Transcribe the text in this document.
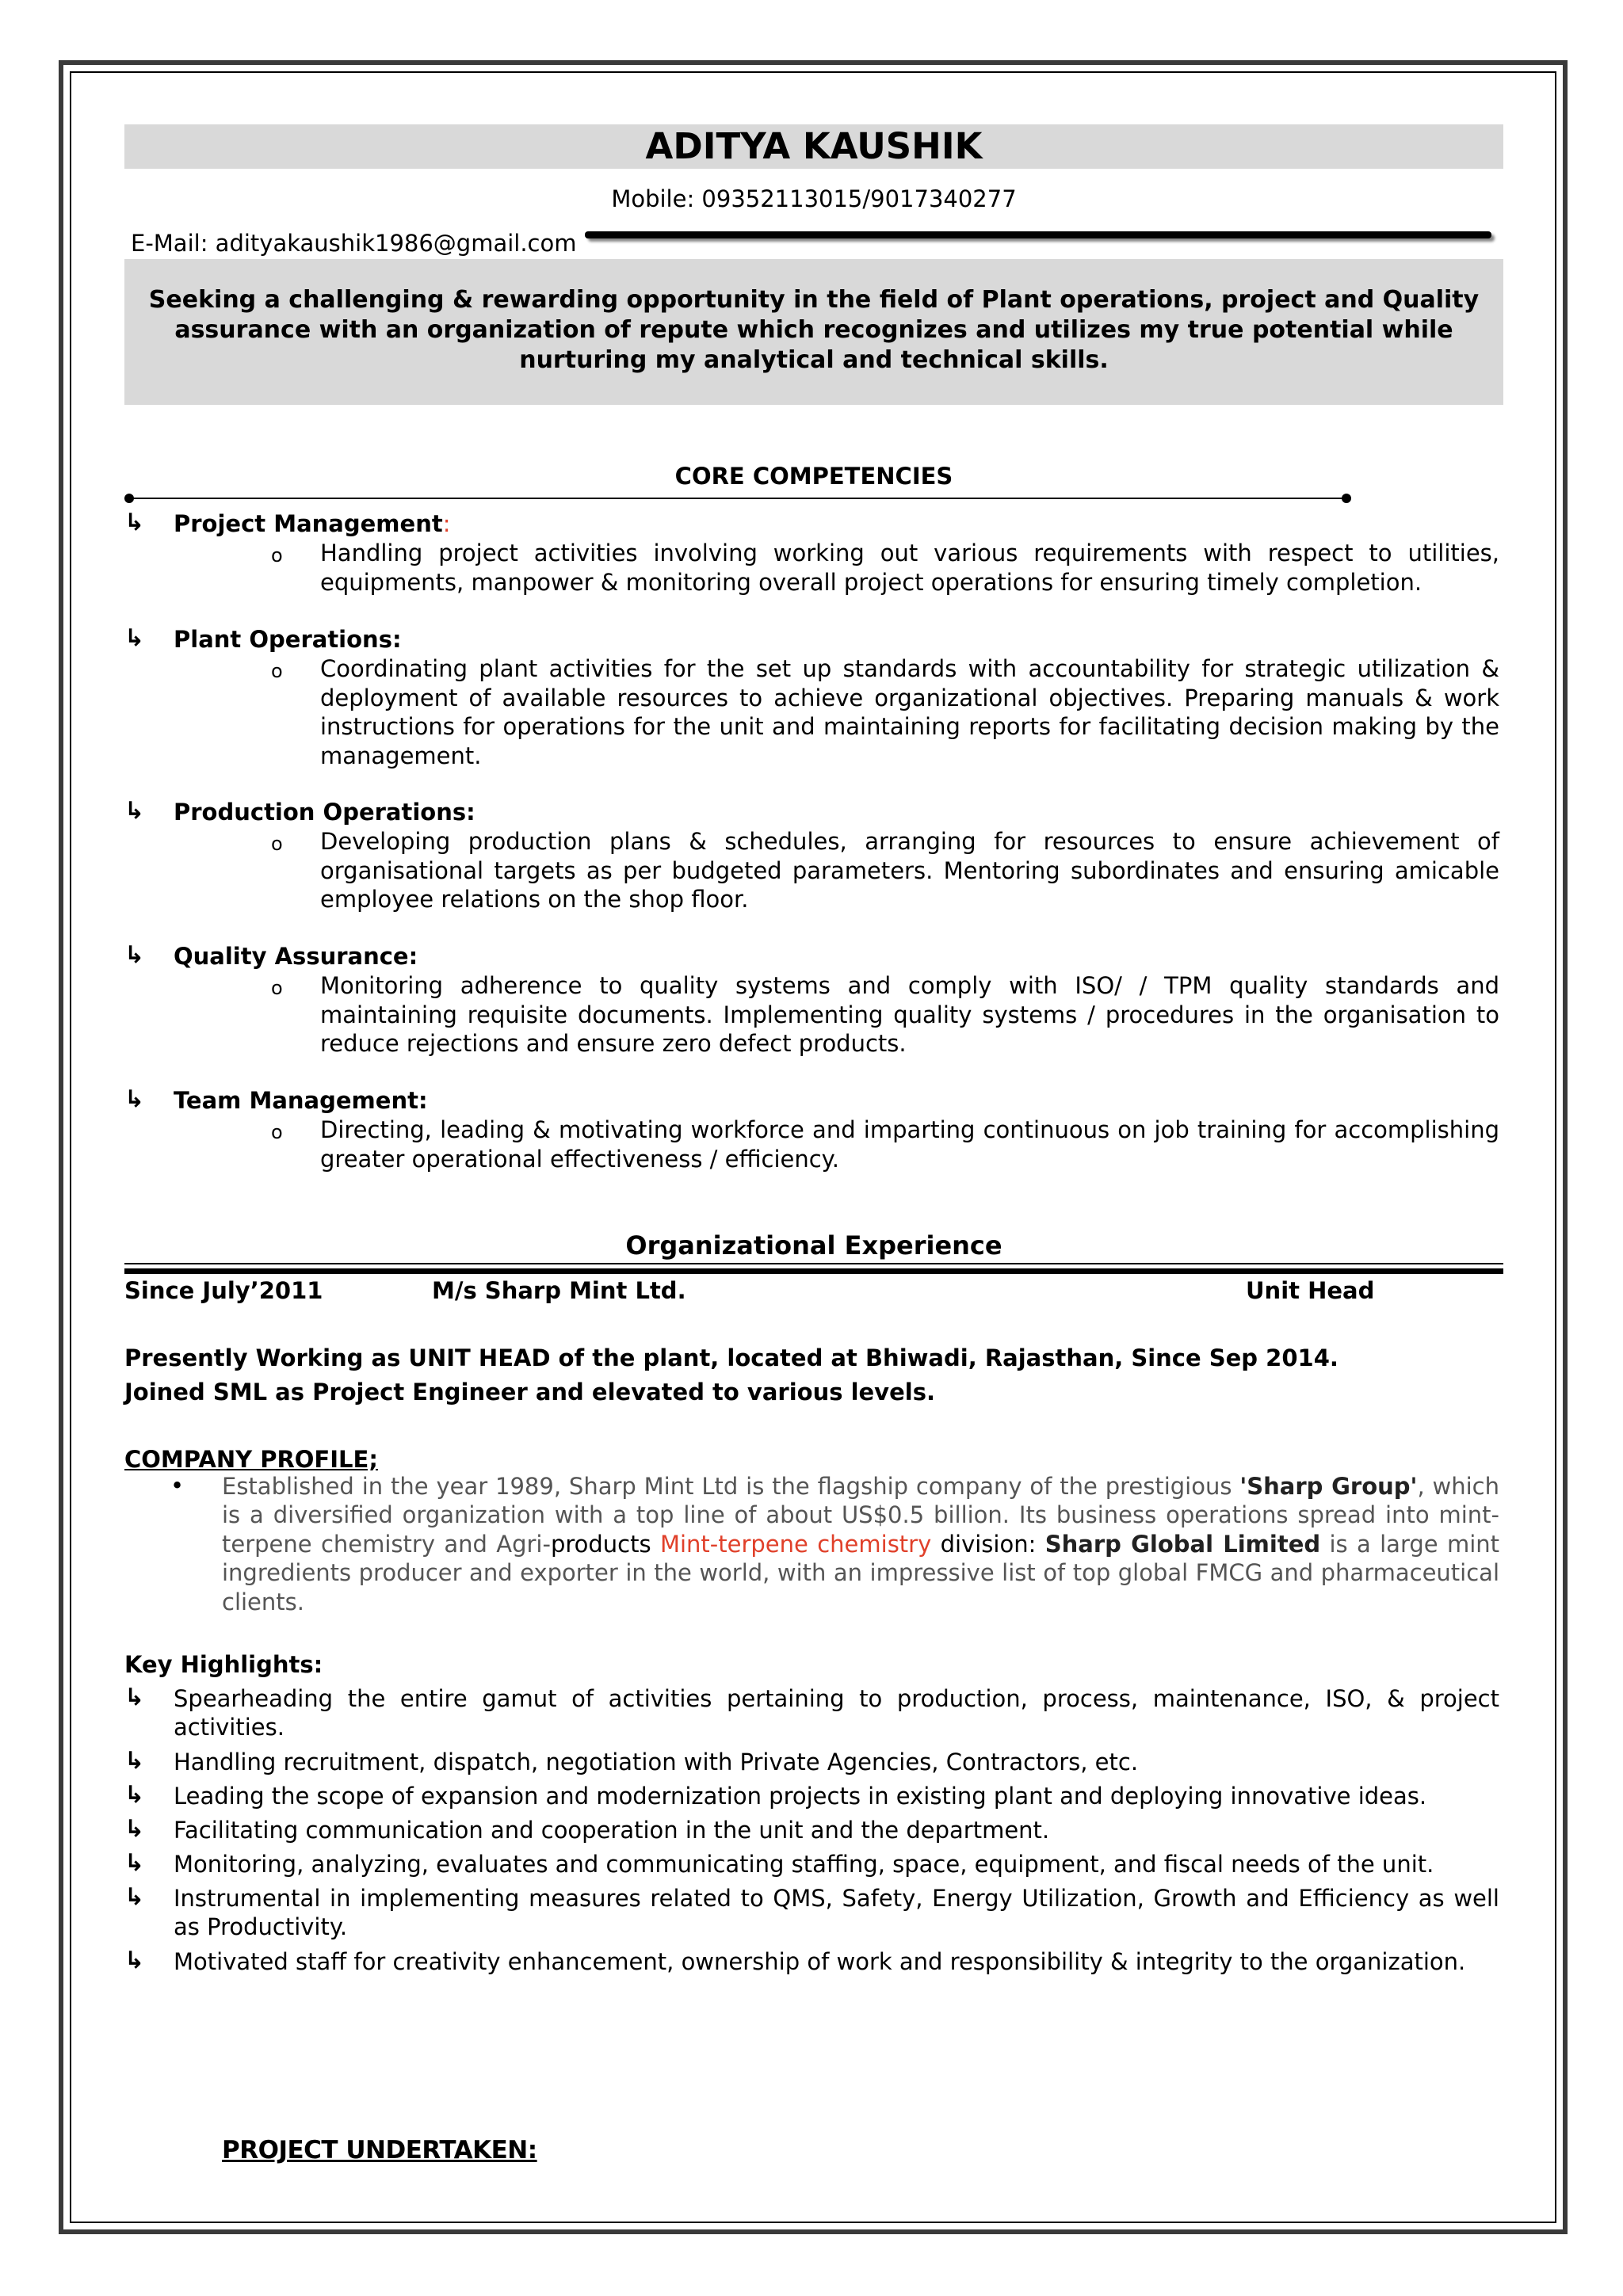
ADITYA KAUSHIK
Mobile: 09352113015/9017340277
E-Mail: adityakaushik1986@gmail.com
Seeking a challenging & rewarding opportunity in the field of Plant operations, project and Quality assurance with an organization of repute which recognizes and utilizes my true potential while nurturing my analytical and technical skills.
CORE COMPETENCIES
↳ Project Management:
o Handling project activities involving working out various requirements with respect to utilities, equipments, manpower & monitoring overall project operations for ensuring timely completion.
↳ Plant Operations:
o Coordinating plant activities for the set up standards with accountability for strategic utilization & deployment of available resources to achieve organizational objectives. Preparing manuals & work instructions for operations for the unit and maintaining reports for facilitating decision making by the management.
↳ Production Operations:
o Developing production plans & schedules, arranging for resources to ensure achievement of organisational targets as per budgeted parameters. Mentoring subordinates and ensuring amicable employee relations on the shop floor.
↳ Quality Assurance:
o Monitoring adherence to quality systems and comply with ISO/ / TPM quality standards and maintaining requisite documents. Implementing quality systems / procedures in the organisation to reduce rejections and ensure zero defect products.
↳ Team Management:
o Directing, leading & motivating workforce and imparting continuous on job training for accomplishing greater operational effectiveness / efficiency.
Organizational Experience
Since July’2011	M/s Sharp Mint Ltd.	Unit Head
Presently Working as UNIT HEAD of the plant, located at Bhiwadi, Rajasthan, Since Sep 2014.
Joined SML as Project Engineer and elevated to various levels.
COMPANY PROFILE;
• Established in the year 1989, Sharp Mint Ltd is the flagship company of the prestigious 'Sharp Group', which is a diversified organization with a top line of about US$0.5 billion. Its business operations spread into mint-terpene chemistry and Agri-products Mint-terpene chemistry division: Sharp Global Limited is a large mint ingredients producer and exporter in the world, with an impressive list of top global FMCG and pharmaceutical clients.
Key Highlights:
↳ Spearheading the entire gamut of activities pertaining to production, process, maintenance, ISO, & project activities.
↳ Handling recruitment, dispatch, negotiation with Private Agencies, Contractors, etc.
↳ Leading the scope of expansion and modernization projects in existing plant and deploying innovative ideas.
↳ Facilitating communication and cooperation in the unit and the department.
↳ Monitoring, analyzing, evaluates and communicating staffing, space, equipment, and fiscal needs of the unit.
↳ Instrumental in implementing measures related to QMS, Safety, Energy Utilization, Growth and Efficiency as well as Productivity.
↳ Motivated staff for creativity enhancement, ownership of work and responsibility & integrity to the organization.
PROJECT UNDERTAKEN:
